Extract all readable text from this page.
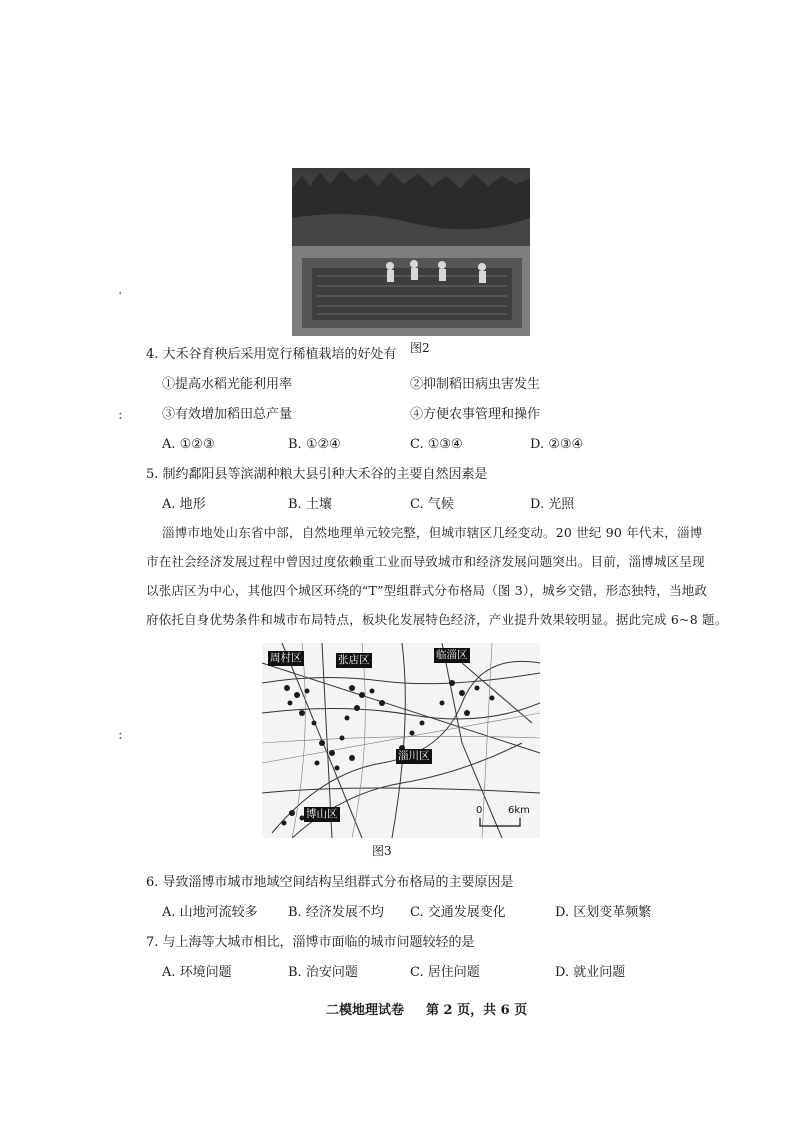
图2
4. 大禾谷育秧后采用宽行稀植栽培的好处有
①提高水稻光能利用率	②抑制稻田病虫害发生
③有效增加稻田总产量	④方便农事管理和操作
A. ①②③	B. ①②④	C. ①③④	D. ②③④
5. 制约鄱阳县等滨湖种粮大县引种大禾谷的主要自然因素是
A. 地形	B. 土壤	C. 气候	D. 光照
淄博市地处山东省中部，自然地理单元较完整，但城市辖区几经变动。20 世纪 90 年代末，淄博
市在社会经济发展过程中曾因过度依赖重工业而导致城市和经济发展问题突出。目前，淄博城区呈现
以张店区为中心，其他四个城区环绕的“T”型组群式分布格局（图 3），城乡交错，形态独特，当地政
府依托自身优势条件和城市布局特点，板块化发展特色经济，产业提升效果较明显。据此完成 6~8 题。
周村区	张店区	临淄区
淄川区
博山区	0	6km
图3
6. 导致淄博市城市地域空间结构呈组群式分布格局的主要原因是
A. 山地河流较多 B. 经济发展不均 C. 交通发展变化	D. 区划变革频繁
7. 与上海等大城市相比，淄博市面临的城市问题较轻的是
A. 环境问题	B. 治安问题	C. 居住问题	D. 就业问题
二模地理试卷 第 2 页，共 6 页
·
:
:
